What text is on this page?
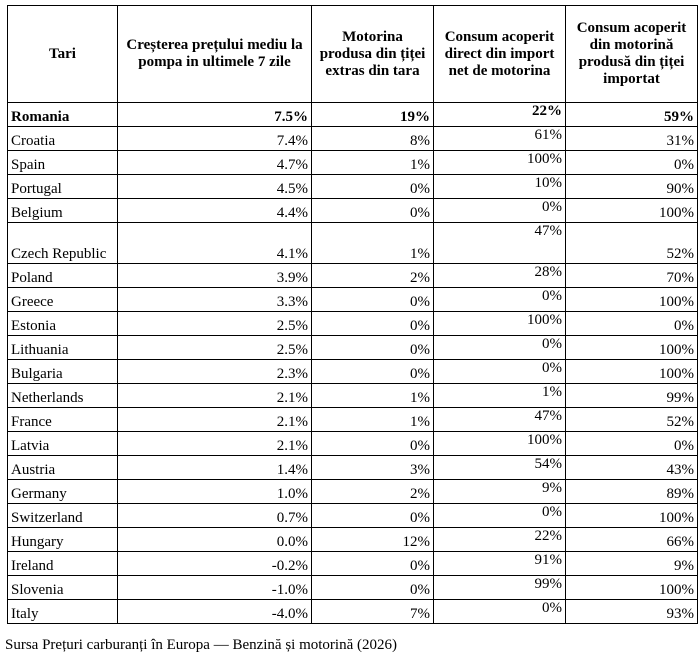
Tari	Creșterea prețului mediu la pompa in ultimele 7 zile	Motorina produsa din țiței extras din tara	Consum acoperit direct din import net de motorina	Consum acoperit din motorină produsă din țiței importat
Romania	7.5%	19%	22%	59%
Croatia	7.4%	8%	61%	31%
Spain	4.7%	1%	100%	0%
Portugal	4.5%	0%	10%	90%
Belgium	4.4%	0%	0%	100%
Czech Republic	4.1%	1%	47%	52%
Poland	3.9%	2%	28%	70%
Greece	3.3%	0%	0%	100%
Estonia	2.5%	0%	100%	0%
Lithuania	2.5%	0%	0%	100%
Bulgaria	2.3%	0%	0%	100%
Netherlands	2.1%	1%	1%	99%
France	2.1%	1%	47%	52%
Latvia	2.1%	0%	100%	0%
Austria	1.4%	3%	54%	43%
Germany	1.0%	2%	9%	89%
Switzerland	0.7%	0%	0%	100%
Hungary	0.0%	12%	22%	66%
Ireland	-0.2%	0%	91%	9%
Slovenia	-1.0%	0%	99%	100%
Italy	-4.0%	7%	0%	93%
Sursa Prețuri carburanți în Europa — Benzină și motorină (2026)
